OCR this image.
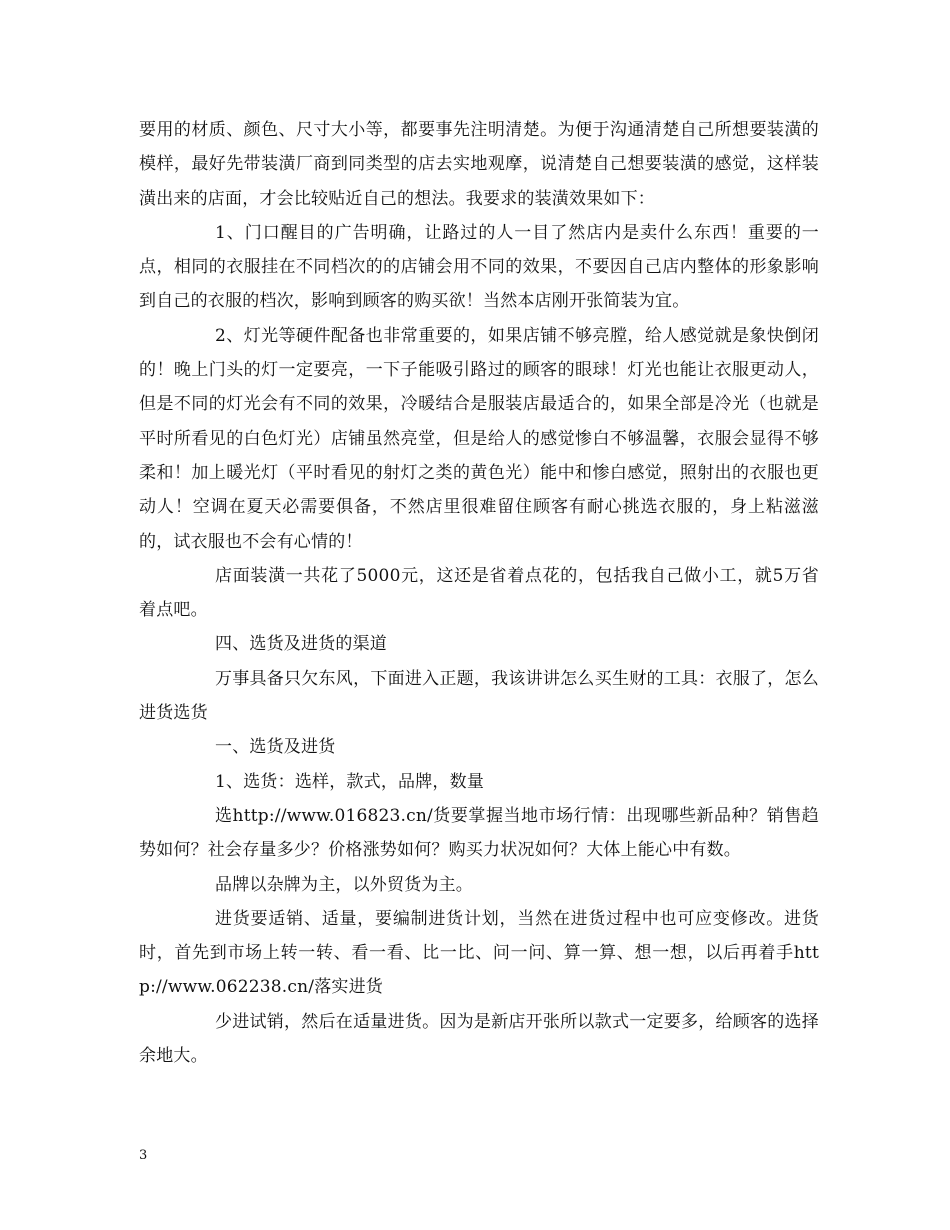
要用的材质、颜色、尺寸大小等，都要事先注明清楚。为便于沟通清楚自己所想要装潢的模样，最好先带装潢厂商到同类型的店去实地观摩，说清楚自己想要装潢的感觉，这样装潢出来的店面，才会比较贴近自己的想法。我要求的装潢效果如下：

1、门口醒目的广告明确，让路过的人一目了然店内是卖什么东西！重要的一点，相同的衣服挂在不同档次的的店铺会用不同的效果，不要因自己店内整体的形象影响到自己的衣服的档次，影响到顾客的购买欲！当然本店刚开张简装为宜。

2、灯光等硬件配备也非常重要的，如果店铺不够亮膛，给人感觉就是象快倒闭的！晚上门头的灯一定要亮，一下子能吸引路过的顾客的眼球！灯光也能让衣服更动人，但是不同的灯光会有不同的效果，冷暖结合是服装店最适合的，如果全部是冷光（也就是平时所看见的白色灯光）店铺虽然亮堂，但是给人的感觉惨白不够温馨，衣服会显得不够柔和！加上暖光灯（平时看见的射灯之类的黄色光）能中和惨白感觉，照射出的衣服也更动人！空调在夏天必需要俱备，不然店里很难留住顾客有耐心挑选衣服的，身上粘滋滋的，试衣服也不会有心情的！

店面装潢一共花了5000元，这还是省着点花的，包括我自己做小工，就5万省着点吧。

四、选货及进货的渠道

万事具备只欠东风，下面进入正题，我该讲讲怎么买生财的工具：衣服了，怎么进货选货

一、选货及进货

1、选货：选样，款式，品牌，数量

选http://www.016823.cn/货要掌握当地市场行情：出现哪些新品种？销售趋势如何？社会存量多少？价格涨势如何？购买力状况如何？大体上能心中有数。

品牌以杂牌为主，以外贸货为主。

进货要适销、适量，要编制进货计划，当然在进货过程中也可应变修改。进货时，首先到市场上转一转、看一看、比一比、问一问、算一算、想一想，以后再着手http://www.062238.cn/落实进货

少进试销，然后在适量进货。因为是新店开张所以款式一定要多，给顾客的选择余地大。

3
